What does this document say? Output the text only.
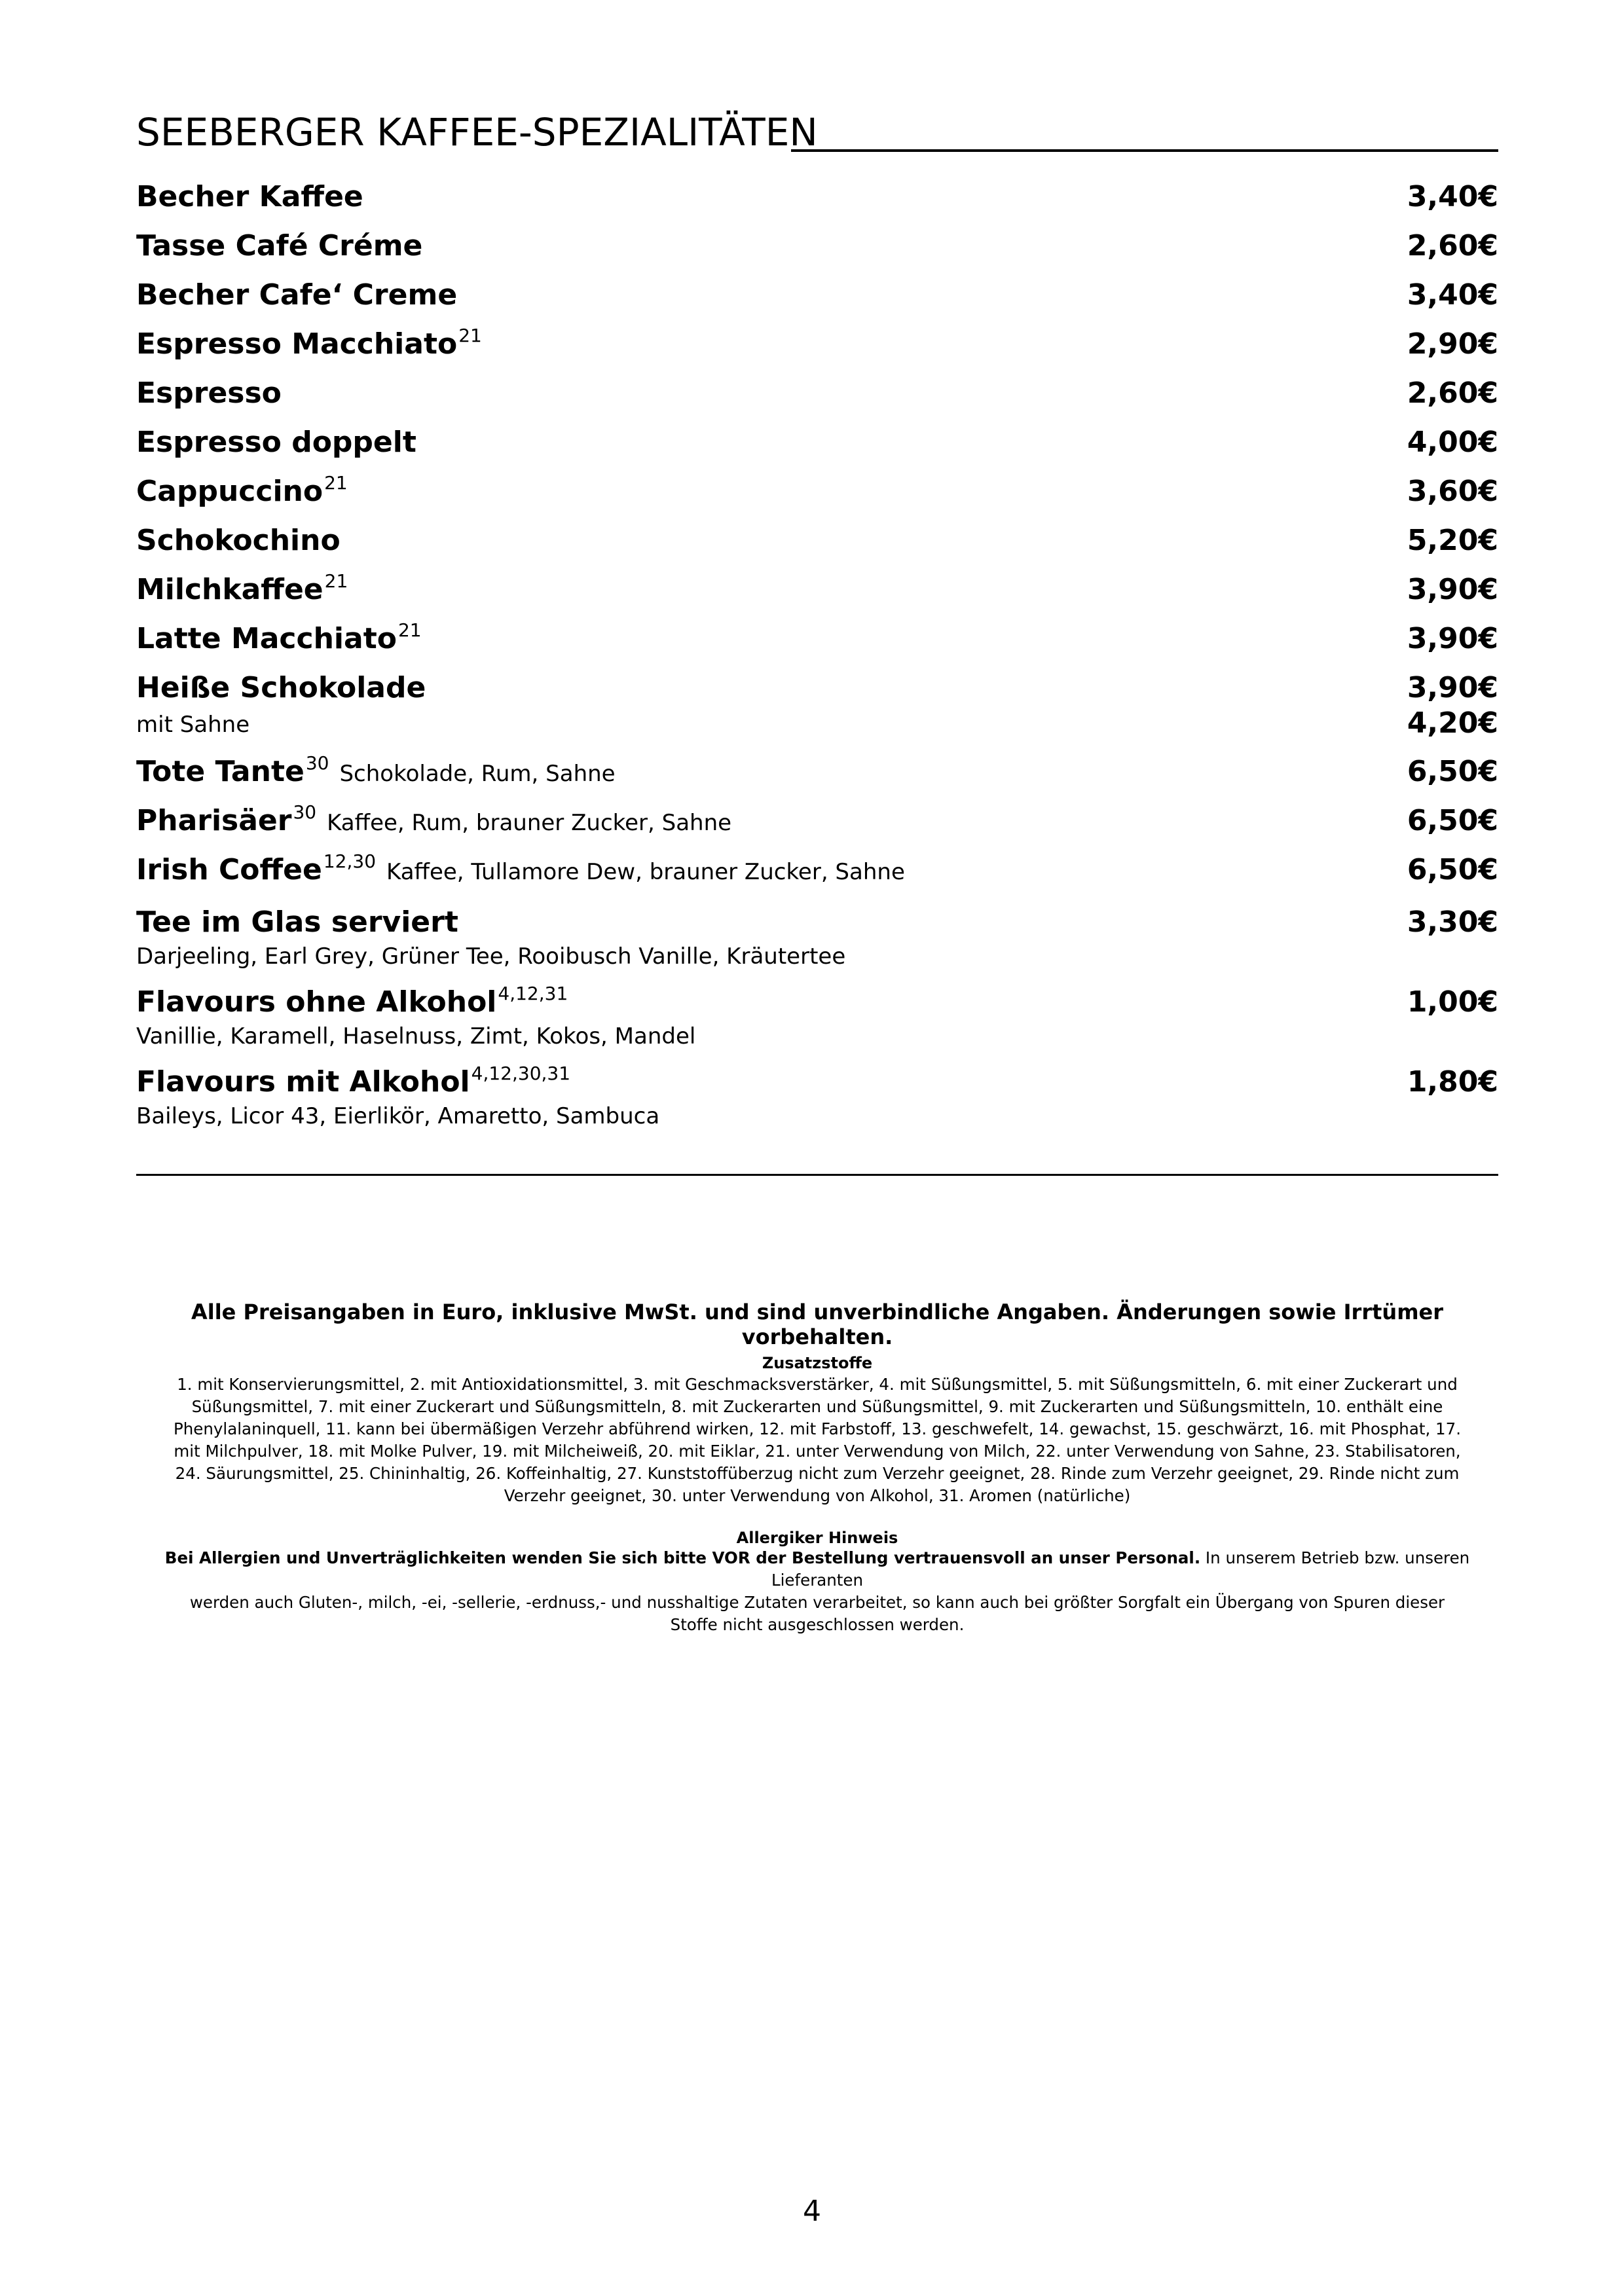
SEEBERGER KAFFEE-SPEZIALITÄTEN
Becher Kaffee	3,40€
Tasse Café Créme	2,60€
Becher Cafe‘ Creme	3,40€
Espresso Macchiato$^{21}$	2,90€
Espresso	2,60€
Espresso doppelt	4,00€
Cappuccino$^{21}$	3,60€
Schokochino	5,20€
Milchkaffee$^{21}$	3,90€
Latte Macchiato$^{21}$	3,90€
Heiße Schokolade	3,90€
mit Sahne	4,20€
Tote Tante$^{30}$ Schokolade, Rum, Sahne	6,50€
Pharisäer$^{30}$ Kaffee, Rum, brauner Zucker, Sahne	6,50€
Irish Coffee$^{12,30}$ Kaffee, Tullamore Dew, brauner Zucker, Sahne	6,50€
Tee im Glas serviert	3,30€
Darjeeling, Earl Grey, Grüner Tee, Rooibusch Vanille, Kräutertee
Flavours ohne Alkohol$^{4,12,31}$	1,00€
Vanillie, Karamell, Haselnuss, Zimt, Kokos, Mandel
Flavours mit Alkohol$^{4,12,30,31}$	1,80€
Baileys, Licor 43, Eierlikör, Amaretto, Sambuca
Alle Preisangaben in Euro, inklusive MwSt. und sind unverbindliche Angaben. Änderungen sowie Irrtümer vorbehalten.
Zusatzstoffe
1. mit Konservierungsmittel, 2. mit Antioxidationsmittel, 3. mit Geschmacksverstärker, 4. mit Süßungsmittel, 5. mit Süßungsmitteln, 6. mit einer Zuckerart und
Süßungsmittel, 7. mit einer Zuckerart und Süßungsmitteln, 8. mit Zuckerarten und Süßungsmittel, 9. mit Zuckerarten und Süßungsmitteln, 10. enthält eine
Phenylalaninquell, 11. kann bei übermäßigen Verzehr abführend wirken, 12. mit Farbstoff, 13. geschwefelt, 14. gewachst, 15. geschwärzt, 16. mit Phosphat, 17.
mit Milchpulver, 18. mit Molke Pulver, 19. mit Milcheiweiß, 20. mit Eiklar, 21. unter Verwendung von Milch, 22. unter Verwendung von Sahne, 23. Stabilisatoren,
24. Säurungsmittel, 25. Chininhaltig, 26. Koffeinhaltig, 27. Kunststoffüberzug nicht zum Verzehr geeignet, 28. Rinde zum Verzehr geeignet, 29. Rinde nicht zum
Verzehr geeignet, 30. unter Verwendung von Alkohol, 31. Aromen (natürliche)
Allergiker Hinweis
Bei Allergien und Unverträglichkeiten wenden Sie sich bitte VOR der Bestellung vertrauensvoll an unser Personal. In unserem Betrieb bzw. unseren Lieferanten
werden auch Gluten-, milch, -ei, -sellerie, -erdnuss,- und nusshaltige Zutaten verarbeitet, so kann auch bei größter Sorgfalt ein Übergang von Spuren dieser
Stoffe nicht ausgeschlossen werden.
4
